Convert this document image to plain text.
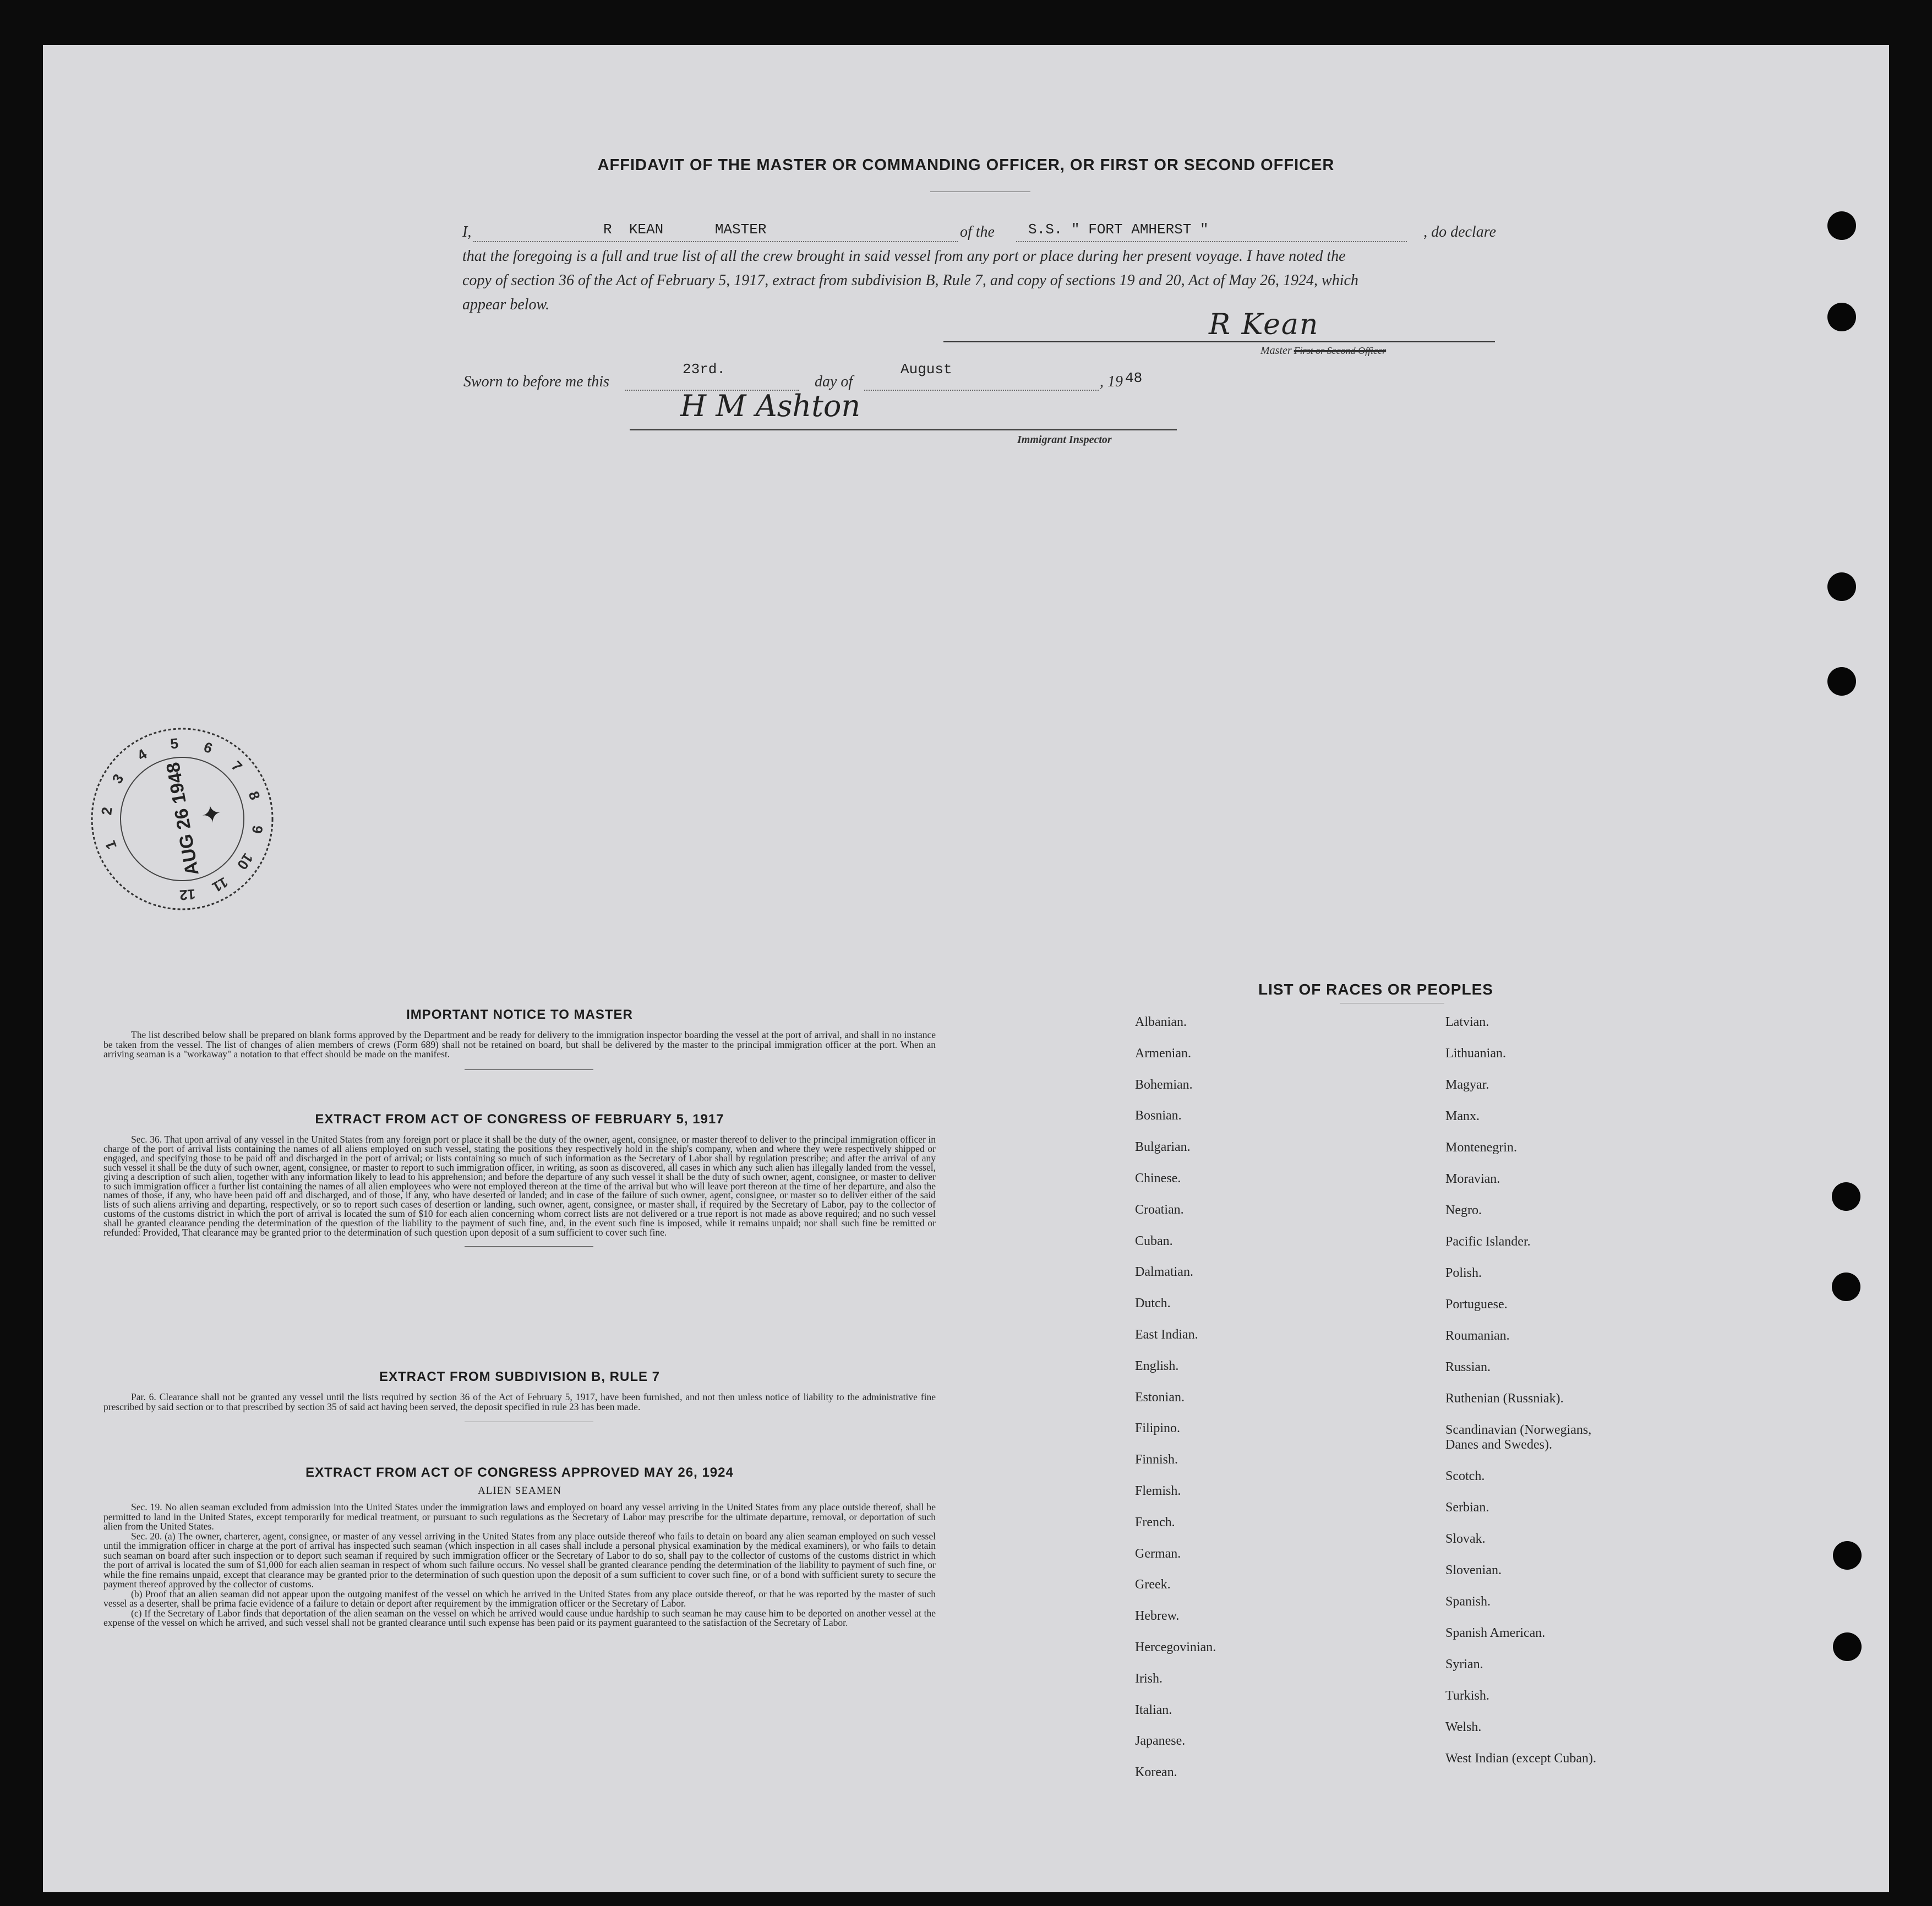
AFFIDAVIT OF THE MASTER OR COMMANDING OFFICER, OR FIRST OR SECOND OFFICER
I,	R  KEAN      MASTER	of the	S.S. " FORT AMHERST "	, do declare
that the foregoing is a full and true list of all the crew brought in said vessel from any port or place during her present voyage. I have noted the
copy of section 36 of the Act of February 5, 1917, extract from subdivision B, Rule 7, and copy of sections 19 and 20, Act of May 26, 1924, which
appear below.
R Kean
Master First or Second Officer
Sworn to before me this
23rd.
day of
August
, 19 48
H M Ashton
Immigrant Inspector
1
2
3
4
5 6
7
8
9
10
11
12
AUG 26 1948
✦
IMPORTANT NOTICE TO MASTER

The list described below shall be prepared on blank forms approved by the Department and be ready for delivery to the immigration inspector boarding the vessel at the port of arrival, and shall in no instance be taken from the vessel. The list of changes of alien members of crews (Form 689) shall not be retained on board, but shall be delivered by the master to the principal immigration officer at the port. When an arriving seaman is a "workaway" a notation to that effect should be made on the manifest.

EXTRACT FROM ACT OF CONGRESS OF FEBRUARY 5, 1917

Sec. 36. That upon arrival of any vessel in the United States from any foreign port or place it shall be the duty of the owner, agent, consignee, or master thereof to deliver to the principal immigration officer in charge of the port of arrival lists containing the names of all aliens employed on such vessel, stating the positions they respectively hold in the ship's company, when and where they were respectively shipped or engaged, and specifying those to be paid off and discharged in the port of arrival; or lists containing so much of such information as the Secretary of Labor shall by regulation prescribe; and after the arrival of any such vessel it shall be the duty of such owner, agent, consignee, or master to report to such immigration officer, in writing, as soon as discovered, all cases in which any such alien has illegally landed from the vessel, giving a description of such alien, together with any information likely to lead to his apprehension; and before the departure of any such vessel it shall be the duty of such owner, agent, consignee, or master to deliver to such immigration officer a further list containing the names of all alien employees who were not employed thereon at the time of the arrival but who will leave port thereon at the time of her departure, and also the names of those, if any, who have been paid off and discharged, and of those, if any, who have deserted or landed; and in case of the failure of such owner, agent, consignee, or master so to deliver either of the said lists of such aliens arriving and departing, respectively, or so to report such cases of desertion or landing, such owner, agent, consignee, or master shall, if required by the Secretary of Labor, pay to the collector of customs of the customs district in which the port of arrival is located the sum of $10 for each alien concerning whom correct lists are not delivered or a true report is not made as above required; and no such vessel shall be granted clearance pending the determination of the question of the liability to the payment of such fine, and, in the event such fine is imposed, while it remains unpaid; nor shall such fine be remitted or refunded: Provided, That clearance may be granted prior to the determination of such question upon deposit of a sum sufficient to cover such fine.

EXTRACT FROM SUBDIVISION B, RULE 7

Par. 6. Clearance shall not be granted any vessel until the lists required by section 36 of the Act of February 5, 1917, have been furnished, and not then unless notice of liability to the administrative fine prescribed by said section or to that prescribed by section 35 of said act having been served, the deposit specified in rule 23 has been made.

EXTRACT FROM ACT OF CONGRESS APPROVED MAY 26, 1924
ALIEN SEAMEN

Sec. 19. No alien seaman excluded from admission into the United States under the immigration laws and employed on board any vessel arriving in the United States from any place outside thereof, shall be permitted to land in the United States, except temporarily for medical treatment, or pursuant to such regulations as the Secretary of Labor may prescribe for the ultimate departure, removal, or deportation of such alien from the United States.

Sec. 20. (a) The owner, charterer, agent, consignee, or master of any vessel arriving in the United States from any place outside thereof who fails to detain on board any alien seaman employed on such vessel until the immigration officer in charge at the port of arrival has inspected such seaman (which inspection in all cases shall include a personal physical examination by the medical examiners), or who fails to detain such seaman on board after such inspection or to deport such seaman if required by such immigration officer or the Secretary of Labor to do so, shall pay to the collector of customs of the customs district in which the port of arrival is located the sum of $1,000 for each alien seaman in respect of whom such failure occurs. No vessel shall be granted clearance pending the determination of the liability to payment of such fine, or while the fine remains unpaid, except that clearance may be granted prior to the determination of such question upon the deposit of a sum sufficient to cover such fine, or of a bond with sufficient surety to secure the payment thereof approved by the collector of customs.

(b) Proof that an alien seaman did not appear upon the outgoing manifest of the vessel on which he arrived in the United States from any place outside thereof, or that he was reported by the master of such vessel as a deserter, shall be prima facie evidence of a failure to detain or deport after requirement by the immigration officer or the Secretary of Labor.

(c) If the Secretary of Labor finds that deportation of the alien seaman on the vessel on which he arrived would cause undue hardship to such seaman he may cause him to be deported on another vessel at the expense of the vessel on which he arrived, and such vessel shall not be granted clearance until such expense has been paid or its payment guaranteed to the satisfaction of the Secretary of Labor.

LIST OF RACES OR PEOPLES
Albanian.
Armenian.
Bohemian.
Bosnian.
Bulgarian.
Chinese.
Croatian.
Cuban.
Dalmatian.
Dutch.
East Indian.
English.
Estonian.
Filipino.
Finnish.
Flemish.
French.
German.
Greek.
Hebrew.
Hercegovinian.
Irish.
Italian.
Japanese.
Korean.
Latvian.
Lithuanian.
Magyar.
Manx.
Montenegrin.
Moravian.
Negro.
Pacific Islander.
Polish.
Portuguese.
Roumanian.
Russian.
Ruthenian (Russniak).
Scandinavian (Norwegians,
Danes and Swedes).
Scotch.
Serbian.
Slovak.
Slovenian.
Spanish.
Spanish American.
Syrian.
Turkish.
Welsh.
West Indian (except Cuban).
